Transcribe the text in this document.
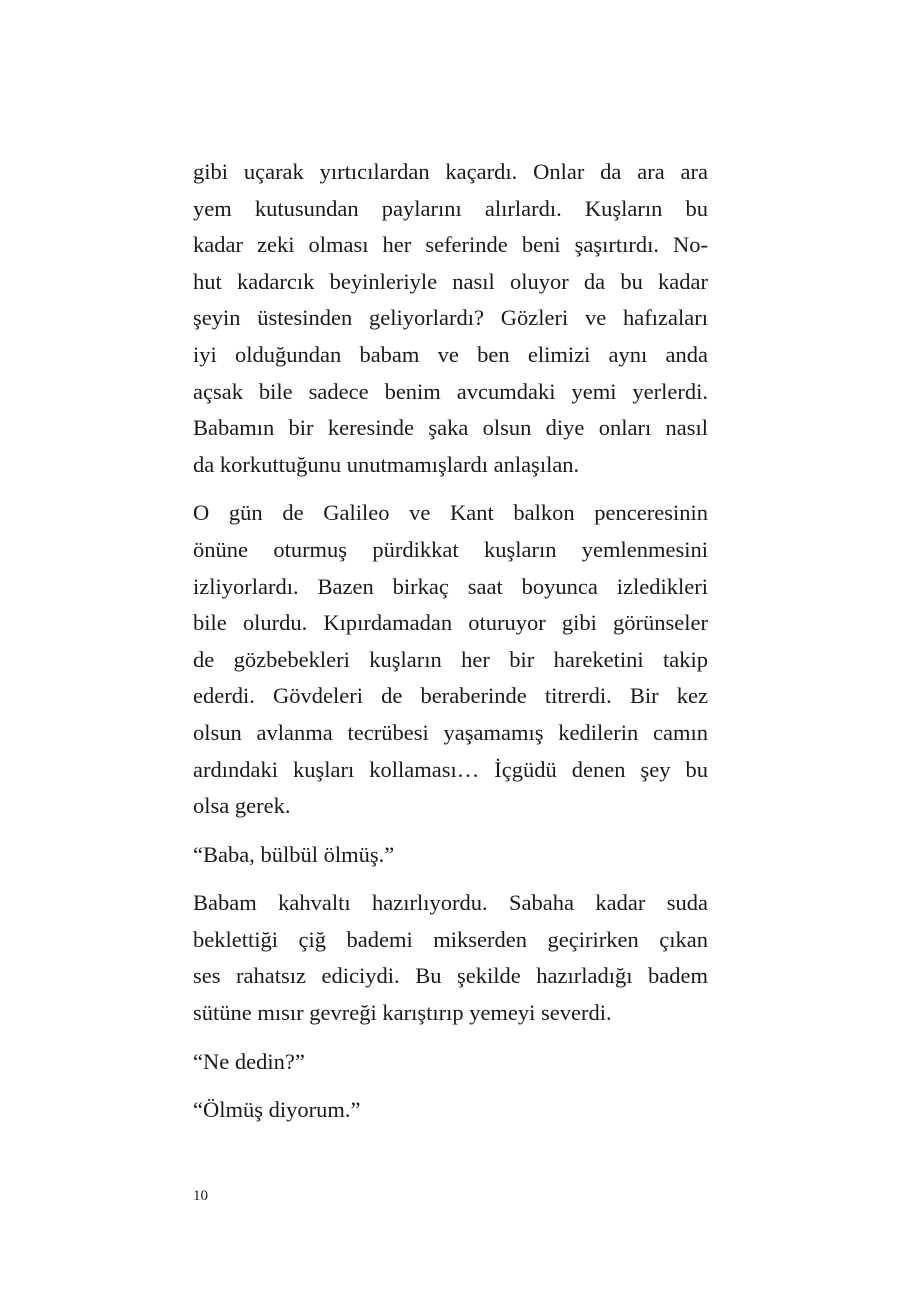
gibi uçarak yırtıcılardan kaçardı. Onlar da ara ara
yem kutusundan paylarını alırlardı. Kuşların bu
kadar zeki olması her seferinde beni şaşırtırdı. No-
hut kadarcık beyinleriyle nasıl oluyor da bu kadar
şeyin üstesinden geliyorlardı? Gözleri ve hafızaları
iyi olduğundan babam ve ben elimizi aynı anda
açsak bile sadece benim avcumdaki yemi yerlerdi.
Babamın bir keresinde şaka olsun diye onları nasıl
da korkuttuğunu unutmamışlardı anlaşılan.

O gün de Galileo ve Kant balkon penceresinin
önüne oturmuş pürdikkat kuşların yemlenmesini
izliyorlardı. Bazen birkaç saat boyunca izledikleri
bile olurdu. Kıpırdamadan oturuyor gibi görünseler
de gözbebekleri kuşların her bir hareketini takip
ederdi. Gövdeleri de beraberinde titrerdi. Bir kez
olsun avlanma tecrübesi yaşamamış kedilerin camın
ardındaki kuşları kollaması… İçgüdü denen şey bu
olsa gerek.

“Baba, bülbül ölmüş.”

Babam kahvaltı hazırlıyordu. Sabaha kadar suda
beklettiği çiğ bademi mikserden geçirirken çıkan
ses rahatsız ediciydi. Bu şekilde hazırladığı badem
sütüne mısır gevreği karıştırıp yemeyi severdi.

“Ne dedin?”

“Ölmüş diyorum.”

10
